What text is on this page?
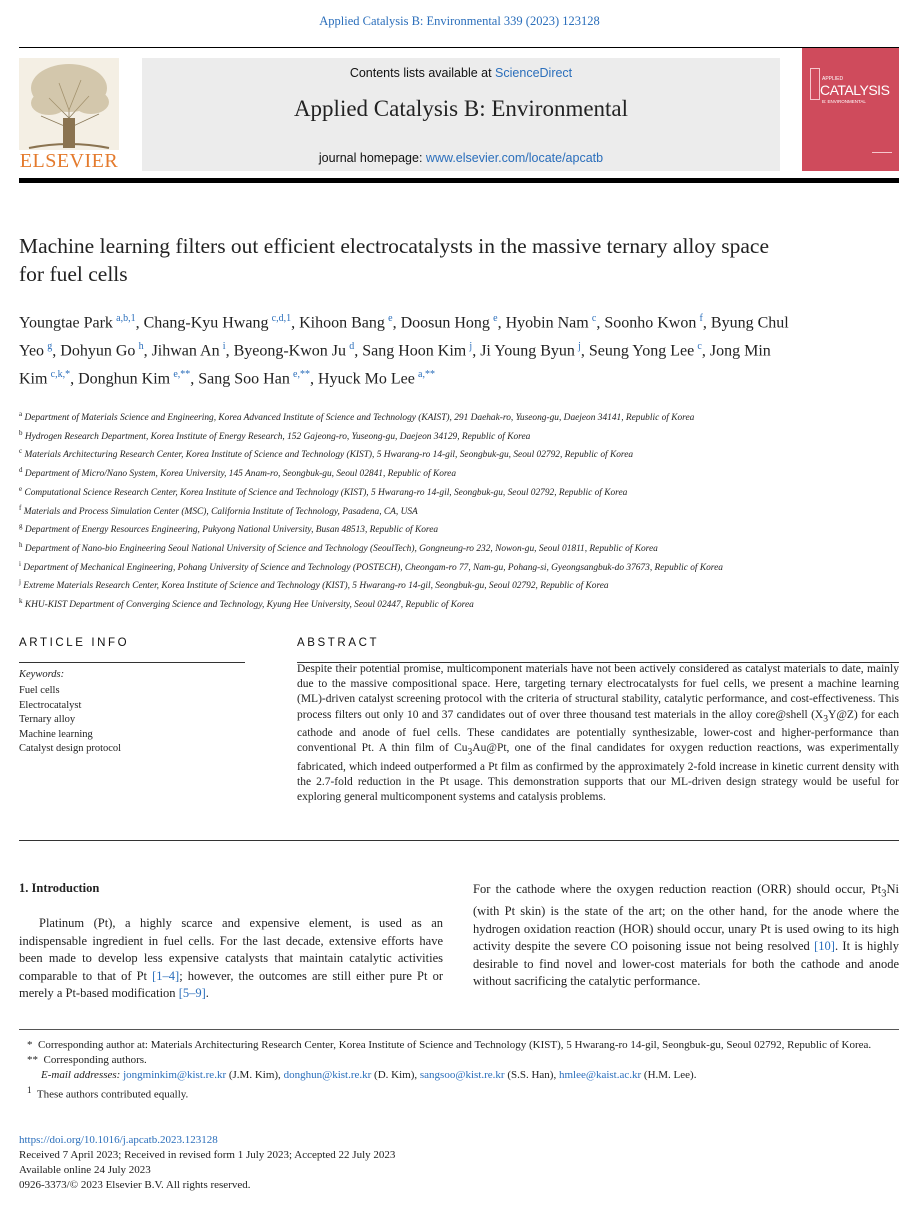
Applied Catalysis B: Environmental 339 (2023) 123128
ELSEVIER
Contents lists available at ScienceDirect
Applied Catalysis B: Environmental
journal homepage: www.elsevier.com/locate/apcatb
APPLIED
CATALYSIS
B: ENVIRONMENTAL
Machine learning filters out efficient electrocatalysts in the massive ternary alloy space for fuel cells
Youngtae Park  $^{a,b,1}$, Chang-Kyu Hwang  $^{c,d,1}$, Kihoon Bang  $^e$, Doosun Hong  $^e$, Hyobin Nam  $^c$, Soonho Kwon  $^f$, Byung Chul Yeo  $^g$, Dohyun Go  $^h$, Jihwan An  $^i$, Byeong-Kwon Ju  $^d$, Sang Hoon Kim  $^j$, Ji Young Byun  $^j$, Seung Yong Lee  $^c$, Jong Min Kim  $^{c,k,*}$, Donghun Kim  $^{e,**}$, Sang Soo Han  $^{e,**}$, Hyuck Mo Lee  $^{a,**}$
$^a$ Department of Materials Science and Engineering, Korea Advanced Institute of Science and Technology (KAIST), 291 Daehak-ro, Yuseong-gu, Daejeon 34141, Republic of Korea
$^b$ Hydrogen Research Department, Korea Institute of Energy Research, 152 Gajeong-ro, Yuseong-gu, Daejeon 34129, Republic of Korea
$^c$ Materials Architecturing Research Center, Korea Institute of Science and Technology (KIST), 5 Hwarang-ro 14-gil, Seongbuk-gu, Seoul 02792, Republic of Korea
$^d$ Department of Micro/Nano System, Korea University, 145 Anam-ro, Seongbuk-gu, Seoul 02841, Republic of Korea
$^e$ Computational Science Research Center, Korea Institute of Science and Technology (KIST), 5 Hwarang-ro 14-gil, Seongbuk-gu, Seoul 02792, Republic of Korea
$^f$ Materials and Process Simulation Center (MSC), California Institute of Technology, Pasadena, CA, USA
$^g$ Department of Energy Resources Engineering, Pukyong National University, Busan 48513, Republic of Korea
$^h$ Department of Nano-bio Engineering Seoul National University of Science and Technology (SeoulTech), Gongneung-ro 232, Nowon-gu, Seoul 01811, Republic of Korea
$^i$ Department of Mechanical Engineering, Pohang University of Science and Technology (POSTECH), Cheongam-ro 77, Nam-gu, Pohang-si, Gyeongsangbuk-do 37673, Republic of Korea
$^j$ Extreme Materials Research Center, Korea Institute of Science and Technology (KIST), 5 Hwarang-ro 14-gil, Seongbuk-gu, Seoul 02792, Republic of Korea
$^k$ KHU-KIST Department of Converging Science and Technology, Kyung Hee University, Seoul 02447, Republic of Korea
ARTICLE INFO
Keywords:
Fuel cells
Electrocatalyst
Ternary alloy
Machine learning
Catalyst design protocol
ABSTRACT
Despite their potential promise, multicomponent materials have not been actively considered as catalyst materials to date, mainly due to the massive compositional space. Here, targeting ternary electrocatalysts for fuel cells, we present a machine learning (ML)-driven catalyst screening protocol with the criteria of structural stability, catalytic performance, and cost-effectiveness. This process filters out only 10 and 37 candidates out of over three thousand test materials in the alloy core@shell $(X_3Y@Z)$ for each cathode and anode of fuel cells. These candidates are potentially synthesizable, lower-cost and higher-performance than conventional Pt. A thin film of $Cu_3Au@Pt$, one of the final candidates for oxygen reduction reactions, was experimentally fabricated, which indeed outperformed a Pt film as confirmed by the approximately 2-fold increase in kinetic current density with the 2.7-fold reduction in the Pt usage. This demonstration supports that our ML-driven design strategy would be useful for exploring general multicomponent systems and catalysis problems.
1. Introduction
Platinum (Pt), a highly scarce and expensive element, is used as an indispensable ingredient in fuel cells. For the last decade, extensive efforts have been made to develop less expensive catalysts that maintain catalytic activities comparable to that of Pt [1–4]; however, the outcomes are still either pure Pt or merely a Pt-based modification [5–9].
For the cathode where the oxygen reduction reaction (ORR) should occur, $Pt_3Ni$ (with Pt skin) is the state of the art; on the other hand, for the anode where the hydrogen oxidation reaction (HOR) should occur, unary Pt is used owing to its high activity despite the severe CO poisoning issue not being resolved [10]. It is highly desirable to find novel and lower-cost materials for both the cathode and anode without sacrificing the catalytic performance.
* Corresponding author at: Materials Architecturing Research Center, Korea Institute of Science and Technology (KIST), 5 Hwarang-ro 14-gil, Seongbuk-gu, Seoul 02792, Republic of Korea.
** Corresponding authors.
E-mail addresses: jongminkim@kist.re.kr (J.M. Kim), donghun@kist.re.kr (D. Kim), sangsoo@kist.re.kr (S.S. Han), hmlee@kaist.ac.kr (H.M. Lee).
$^1$ These authors contributed equally.
https://doi.org/10.1016/j.apcatb.2023.123128
Received 7 April 2023; Received in revised form 1 July 2023; Accepted 22 July 2023
Available online 24 July 2023
0926-3373/© 2023 Elsevier B.V. All rights reserved.
